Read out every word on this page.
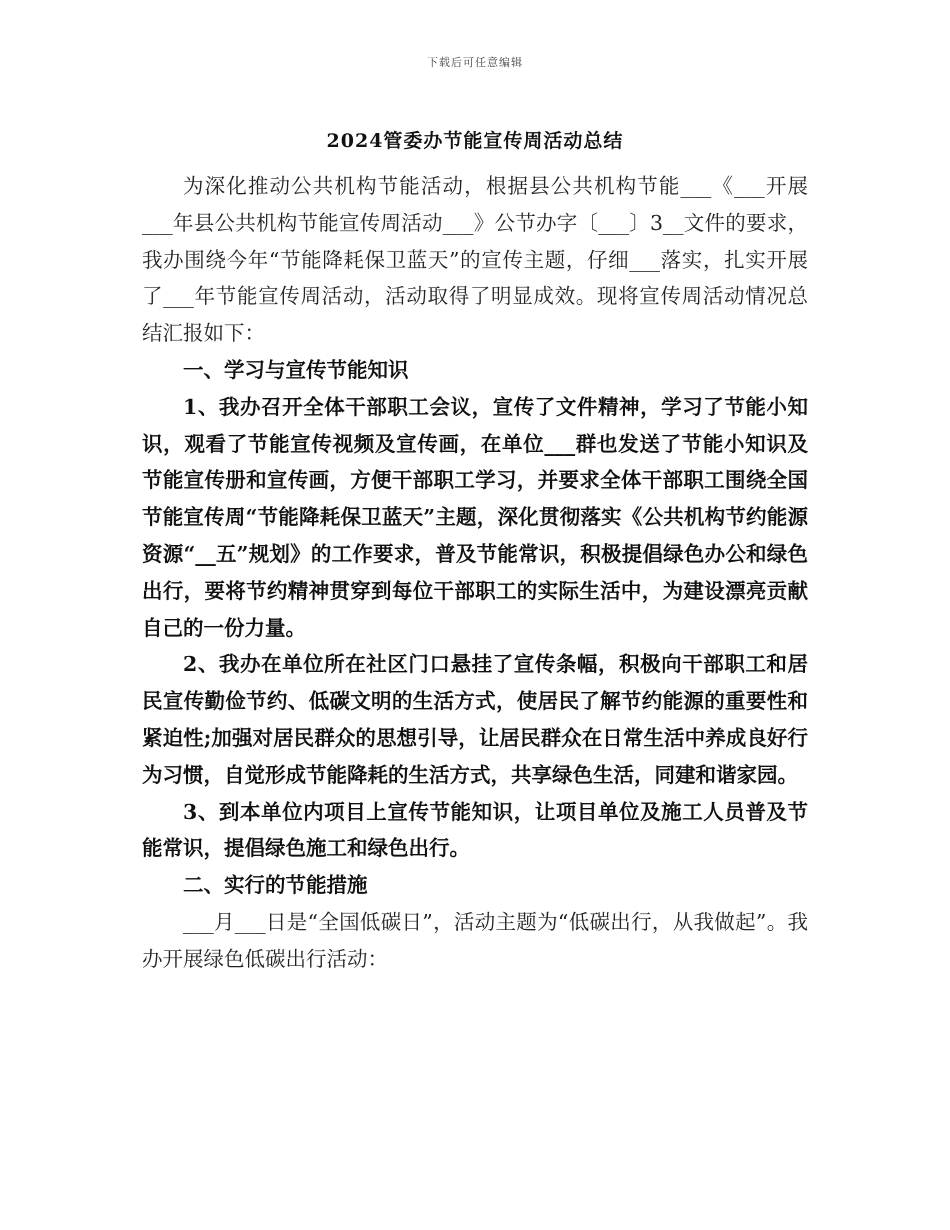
下载后可任意编辑
2024管委办节能宣传周活动总结

为深化推动公共机构节能活动，根据县公共机构节能___《___开展___年县公共机构节能宣传周活动___》公节办字〔___〕3__文件的要求，我办围绕今年“节能降耗保卫蓝天”的宣传主题，仔细___落实，扎实开展了___年节能宣传周活动，活动取得了明显成效。现将宣传周活动情况总结汇报如下：

一、学习与宣传节能知识

1、我办召开全体干部职工会议，宣传了文件精神，学习了节能小知识，观看了节能宣传视频及宣传画，在单位___群也发送了节能小知识及节能宣传册和宣传画，方便干部职工学习，并要求全体干部职工围绕全国节能宣传周“节能降耗保卫蓝天”主题，深化贯彻落实《公共机构节约能源资源“__五”规划》的工作要求，普及节能常识，积极提倡绿色办公和绿色出行，要将节约精神贯穿到每位干部职工的实际生活中，为建设漂亮贡献自己的一份力量。

2、我办在单位所在社区门口悬挂了宣传条幅，积极向干部职工和居民宣传勤俭节约、低碳文明的生活方式，使居民了解节约能源的重要性和紧迫性;加强对居民群众的思想引导，让居民群众在日常生活中养成良好行为习惯，自觉形成节能降耗的生活方式，共享绿色生活，同建和谐家园。

3、到本单位内项目上宣传节能知识，让项目单位及施工人员普及节能常识，提倡绿色施工和绿色出行。

二、实行的节能措施

___月___日是“全国低碳日”，活动主题为“低碳出行，从我做起”。我办开展绿色低碳出行活动：
